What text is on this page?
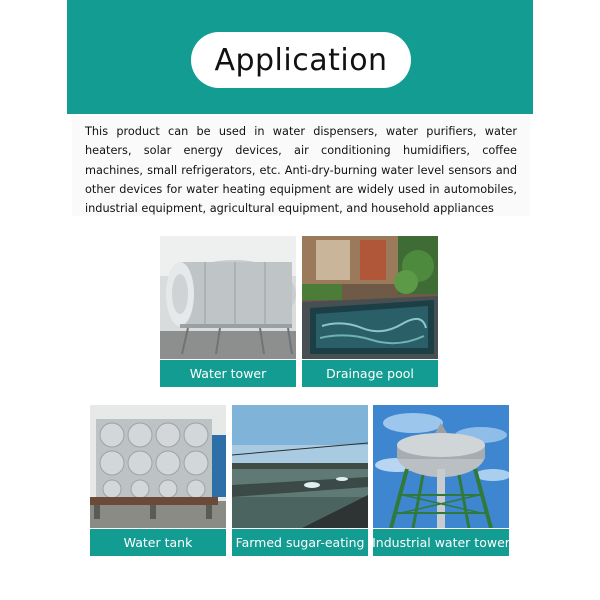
Application

This product can be used in water dispensers, water purifiers, water heaters, solar energy devices, air conditioning humidifiers, coffee machines, small refrigerators, etc. Anti-dry-burning water level sensors and other devices for water heating equipment are widely used in automobiles, industrial equipment, agricultural equipment, and household appliances

Water tower	Drainage pool
Water tank	Farmed sugar-eating Industrial water tower
